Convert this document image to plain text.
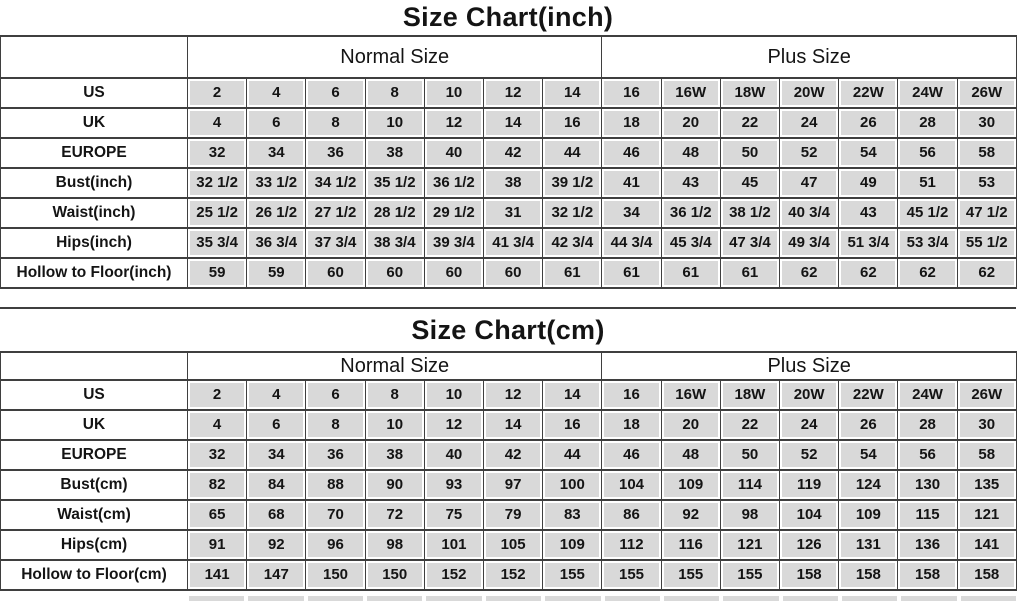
Size Chart(inch)
	Normal Size							Plus Size						
US	2	4	6	8	10	12	14	16	16W	18W	20W	22W	24W	26W

UK	4	6	8	10	12	14	16	18	20	22	24	26	28	30

EUROPE	32	34	36	38	40	42	44	46	48	50	52	54	56	58

Bust(inch)	32 1/2	33 1/2	34 1/2	35 1/2	36 1/2	38	39 1/2	41	43	45	47	49	51	53

Waist(inch)	25 1/2	26 1/2	27 1/2	28 1/2	29 1/2	31	32 1/2	34	36 1/2	38 1/2	40 3/4	43	45 1/2	47 1/2

Hips(inch)	35 3/4	36 3/4	37 3/4	38 3/4	39 3/4	41 3/4	42 3/4	44 3/4	45 3/4	47 3/4	49 3/4	51 3/4	53 3/4	55 1/2

Hollow to Floor(inch)	59	59	60	60	60	60	61	61	61	61	62	62	62	62
Size Chart(cm)
	Normal Size							Plus Size						
US	2	4	6	8	10	12	14	16	16W	18W	20W	22W	24W	26W

UK	4	6	8	10	12	14	16	18	20	22	24	26	28	30

EUROPE	32	34	36	38	40	42	44	46	48	50	52	54	56	58

Bust(cm)	82	84	88	90	93	97	100	104	109	114	119	124	130	135

Waist(cm)	65	68	70	72	75	79	83	86	92	98	104	109	115	121

Hips(cm)	91	92	96	98	101	105	109	112	116	121	126	131	136	141

Hollow to Floor(cm)	141	147	150	150	152	152	155	155	155	155	158	158	158	158
